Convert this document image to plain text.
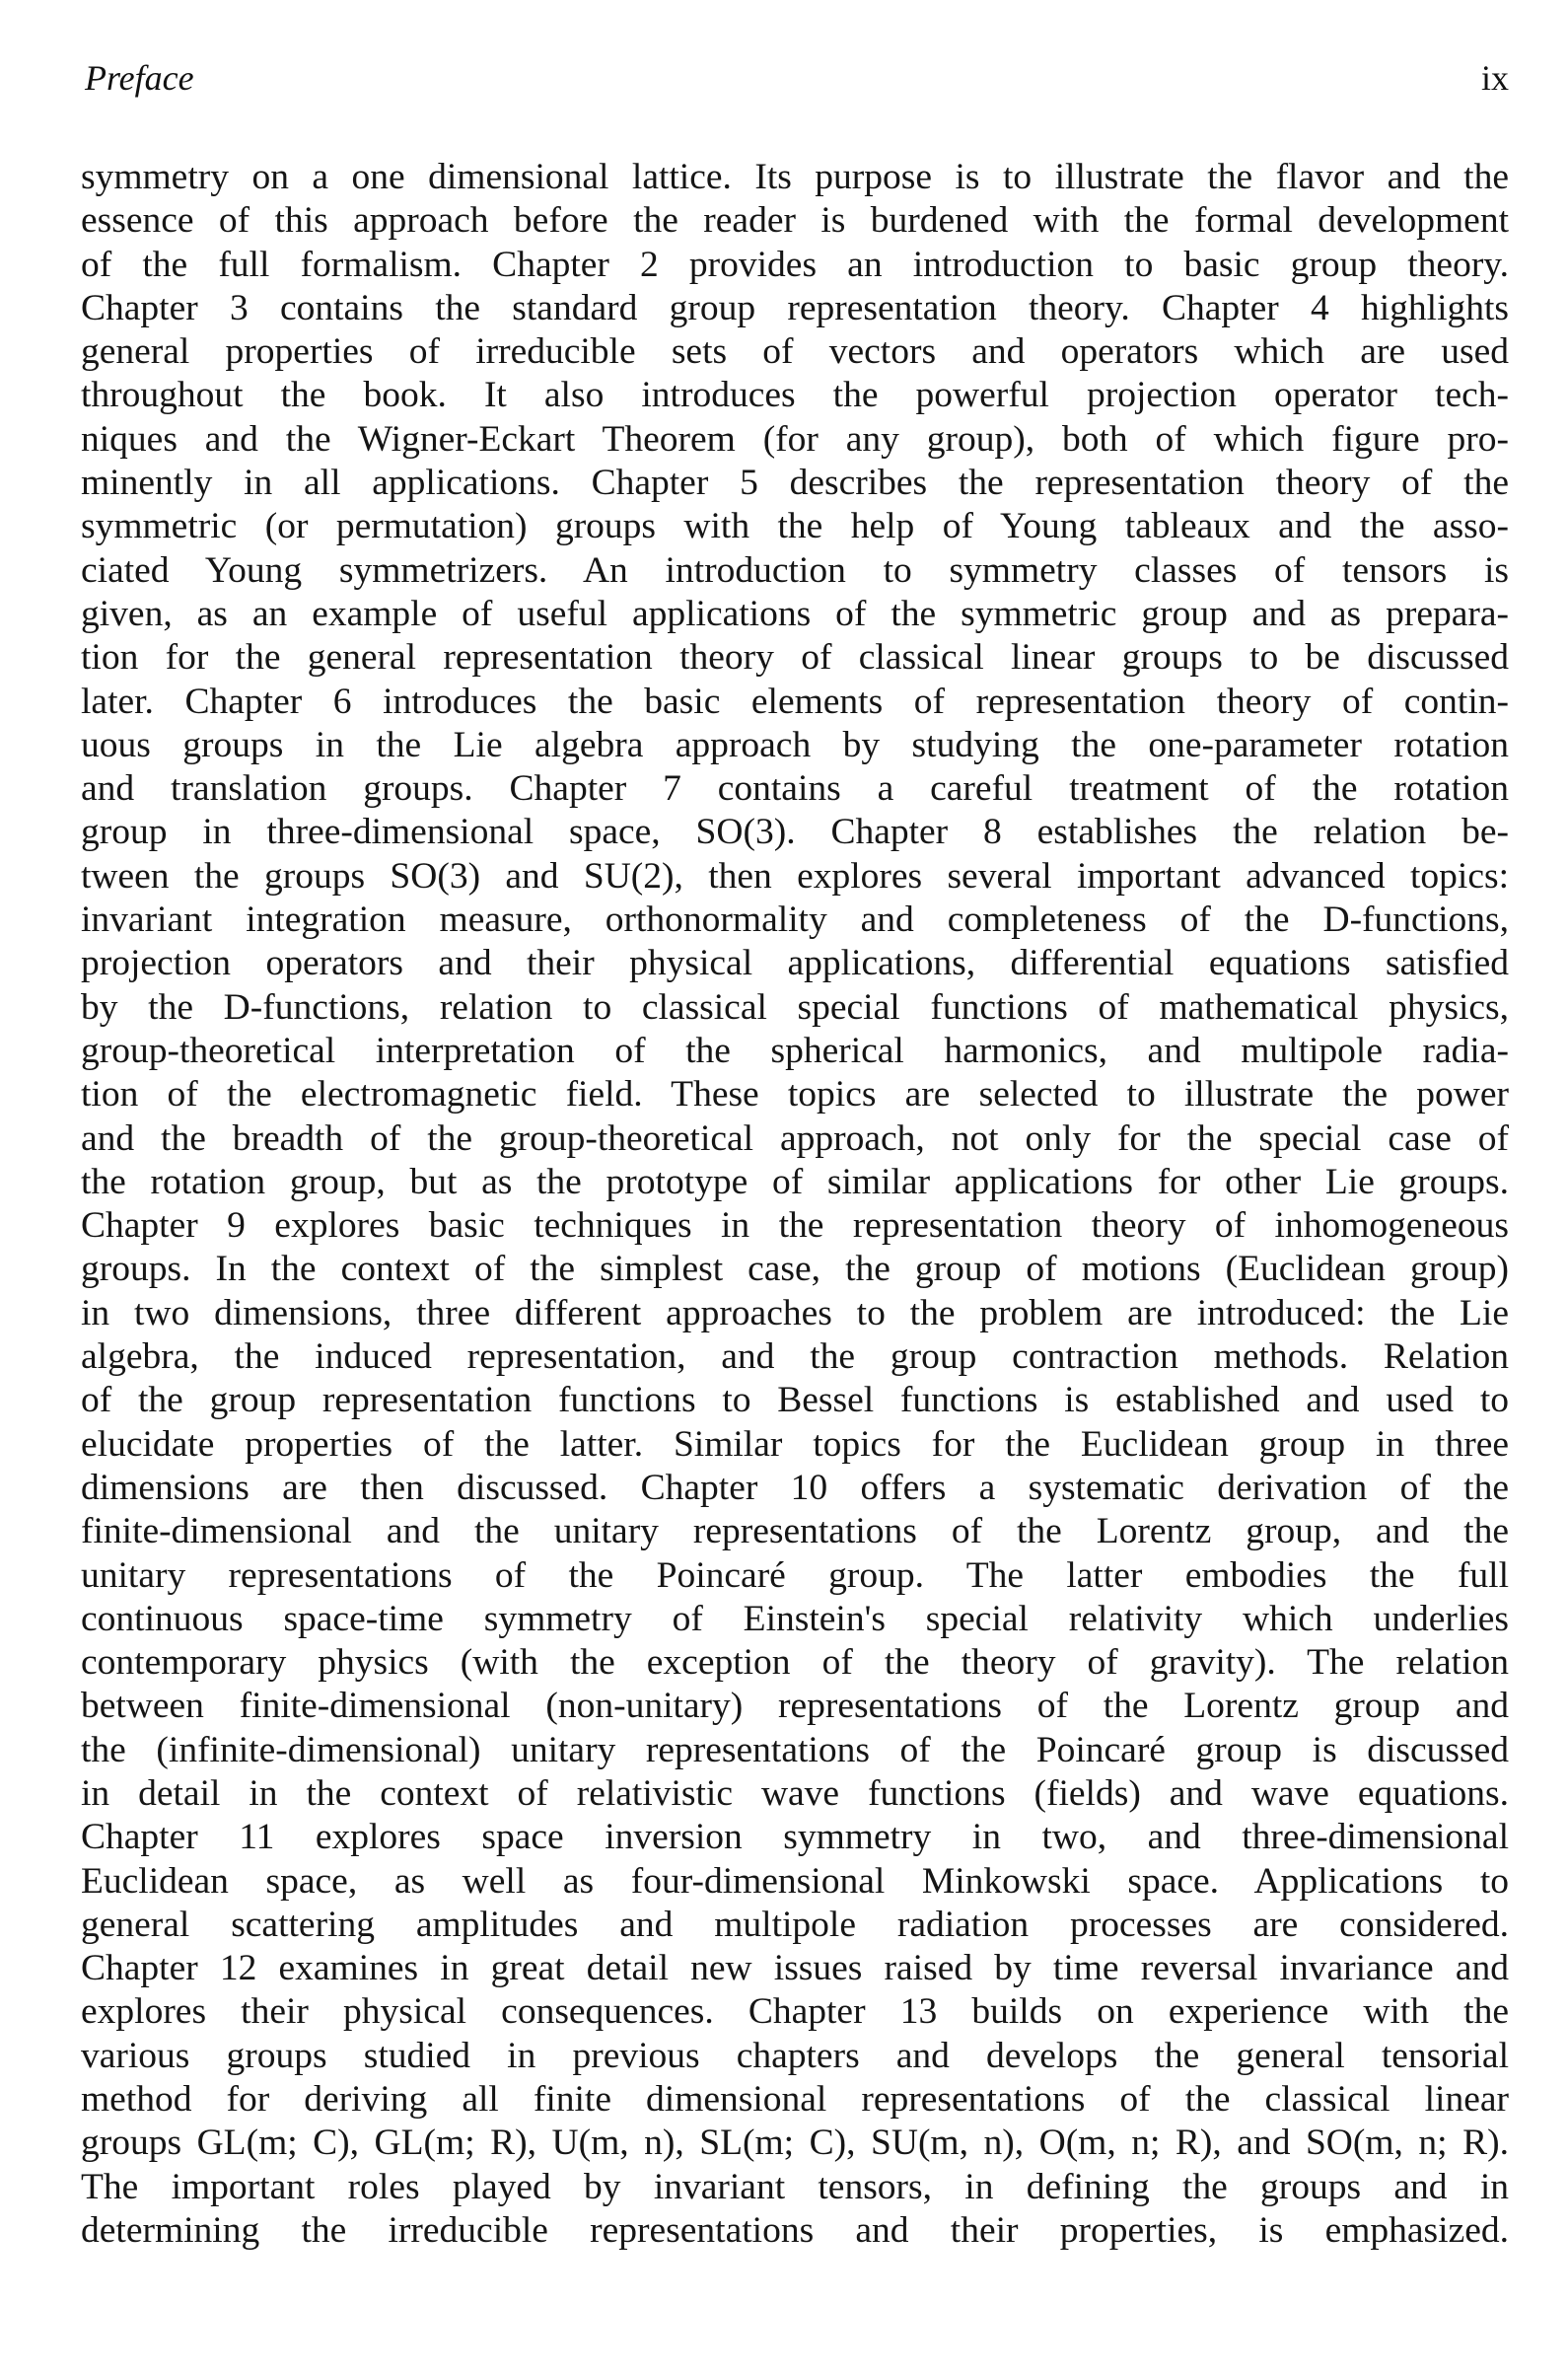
Preface	ix
symmetry on a one dimensional lattice. Its purpose is to illustrate the flavor and the
essence of this approach before the reader is burdened with the formal development
of the full formalism. Chapter 2 provides an introduction to basic group theory.
Chapter 3 contains the standard group representation theory. Chapter 4 highlights
general properties of irreducible sets of vectors and operators which are used
throughout the book. It also introduces the powerful projection operator tech-
niques and the Wigner-Eckart Theorem (for any group), both of which figure pro-
minently in all applications. Chapter 5 describes the representation theory of the
symmetric (or permutation) groups with the help of Young tableaux and the asso-
ciated Young symmetrizers. An introduction to symmetry classes of tensors is
given, as an example of useful applications of the symmetric group and as prepara-
tion for the general representation theory of classical linear groups to be discussed
later. Chapter 6 introduces the basic elements of representation theory of contin-
uous groups in the Lie algebra approach by studying the one-parameter rotation
and translation groups. Chapter 7 contains a careful treatment of the rotation
group in three-dimensional space, SO(3). Chapter 8 establishes the relation be-
tween the groups SO(3) and SU(2), then explores several important advanced topics:
invariant integration measure, orthonormality and completeness of the D-functions,
projection operators and their physical applications, differential equations satisfied
by the D-functions, relation to classical special functions of mathematical physics,
group-theoretical interpretation of the spherical harmonics, and multipole radia-
tion of the electromagnetic field. These topics are selected to illustrate the power
and the breadth of the group-theoretical approach, not only for the special case of
the rotation group, but as the prototype of similar applications for other Lie groups.
Chapter 9 explores basic techniques in the representation theory of inhomogeneous
groups. In the context of the simplest case, the group of motions (Euclidean group)
in two dimensions, three different approaches to the problem are introduced: the Lie
algebra, the induced representation, and the group contraction methods. Relation
of the group representation functions to Bessel functions is established and used to
elucidate properties of the latter. Similar topics for the Euclidean group in three
dimensions are then discussed. Chapter 10 offers a systematic derivation of the
finite-dimensional and the unitary representations of the Lorentz group, and the
unitary representations of the Poincaré group. The latter embodies the full
continuous space-time symmetry of Einstein's special relativity which underlies
contemporary physics (with the exception of the theory of gravity). The relation
between finite-dimensional (non-unitary) representations of the Lorentz group and
the (infinite-dimensional) unitary representations of the Poincaré group is discussed
in detail in the context of relativistic wave functions (fields) and wave equations.
Chapter 11 explores space inversion symmetry in two, and three-dimensional
Euclidean space, as well as four-dimensional Minkowski space. Applications to
general scattering amplitudes and multipole radiation processes are considered.
Chapter 12 examines in great detail new issues raised by time reversal invariance and
explores their physical consequences. Chapter 13 builds on experience with the
various groups studied in previous chapters and develops the general tensorial
method for deriving all finite dimensional representations of the classical linear
groups GL(m; C), GL(m; R), U(m, n), SL(m; C), SU(m, n), O(m, n; R), and SO(m, n; R).
The important roles played by invariant tensors, in defining the groups and in
determining the irreducible representations and their properties, is emphasized.
